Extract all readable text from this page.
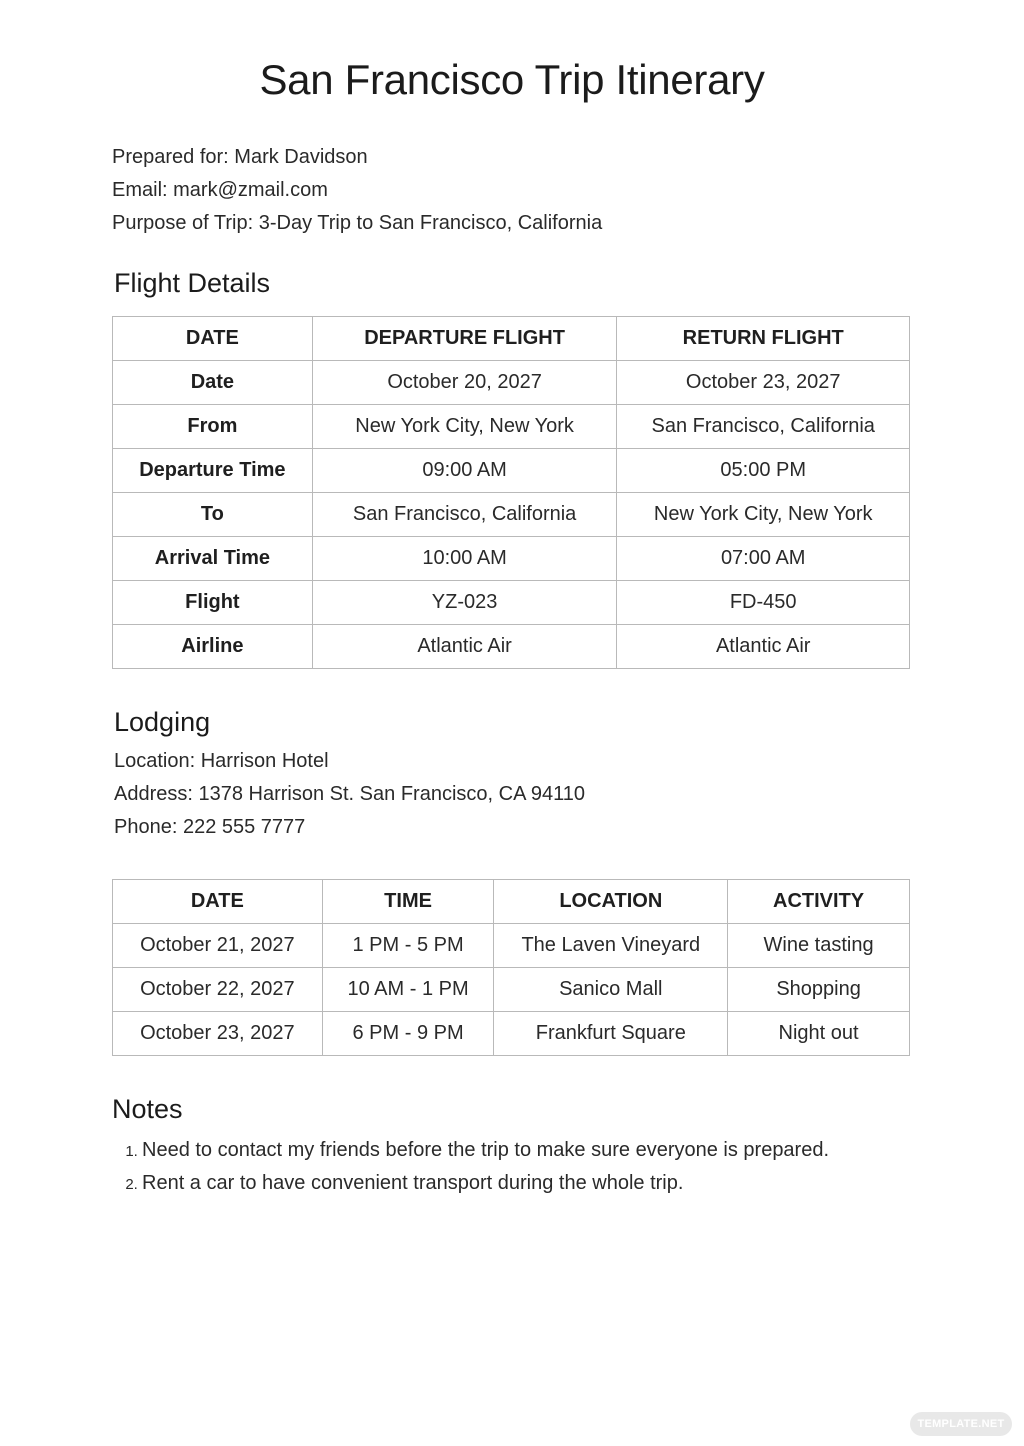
San Francisco Trip Itinerary
Prepared for: Mark Davidson
Email: mark@zmail.com
Purpose of Trip: 3-Day Trip to San Francisco, California
Flight Details
DATE	DEPARTURE FLIGHT	RETURN FLIGHT
Date	October 20, 2027	October 23, 2027
From	New York City, New York	San Francisco, California
Departure Time	09:00 AM	05:00 PM
To	San Francisco, California	New York City, New York
Arrival Time	10:00 AM	07:00 AM
Flight	YZ-023	FD-450
Airline	Atlantic Air	Atlantic Air
Lodging
Location: Harrison Hotel
Address: 1378 Harrison St. San Francisco, CA 94110
Phone: 222 555 7777
DATE	TIME	LOCATION	ACTIVITY
October 21, 2027	1 PM - 5 PM	The Laven Vineyard	Wine tasting
October 22, 2027	10 AM - 1 PM	Sanico Mall	Shopping
October 23, 2027	6 PM - 9 PM	Frankfurt Square	Night out
Notes
1. Need to contact my friends before the trip to make sure everyone is prepared.
2. Rent a car to have convenient transport during the whole trip.
TEMPLATE.NET
